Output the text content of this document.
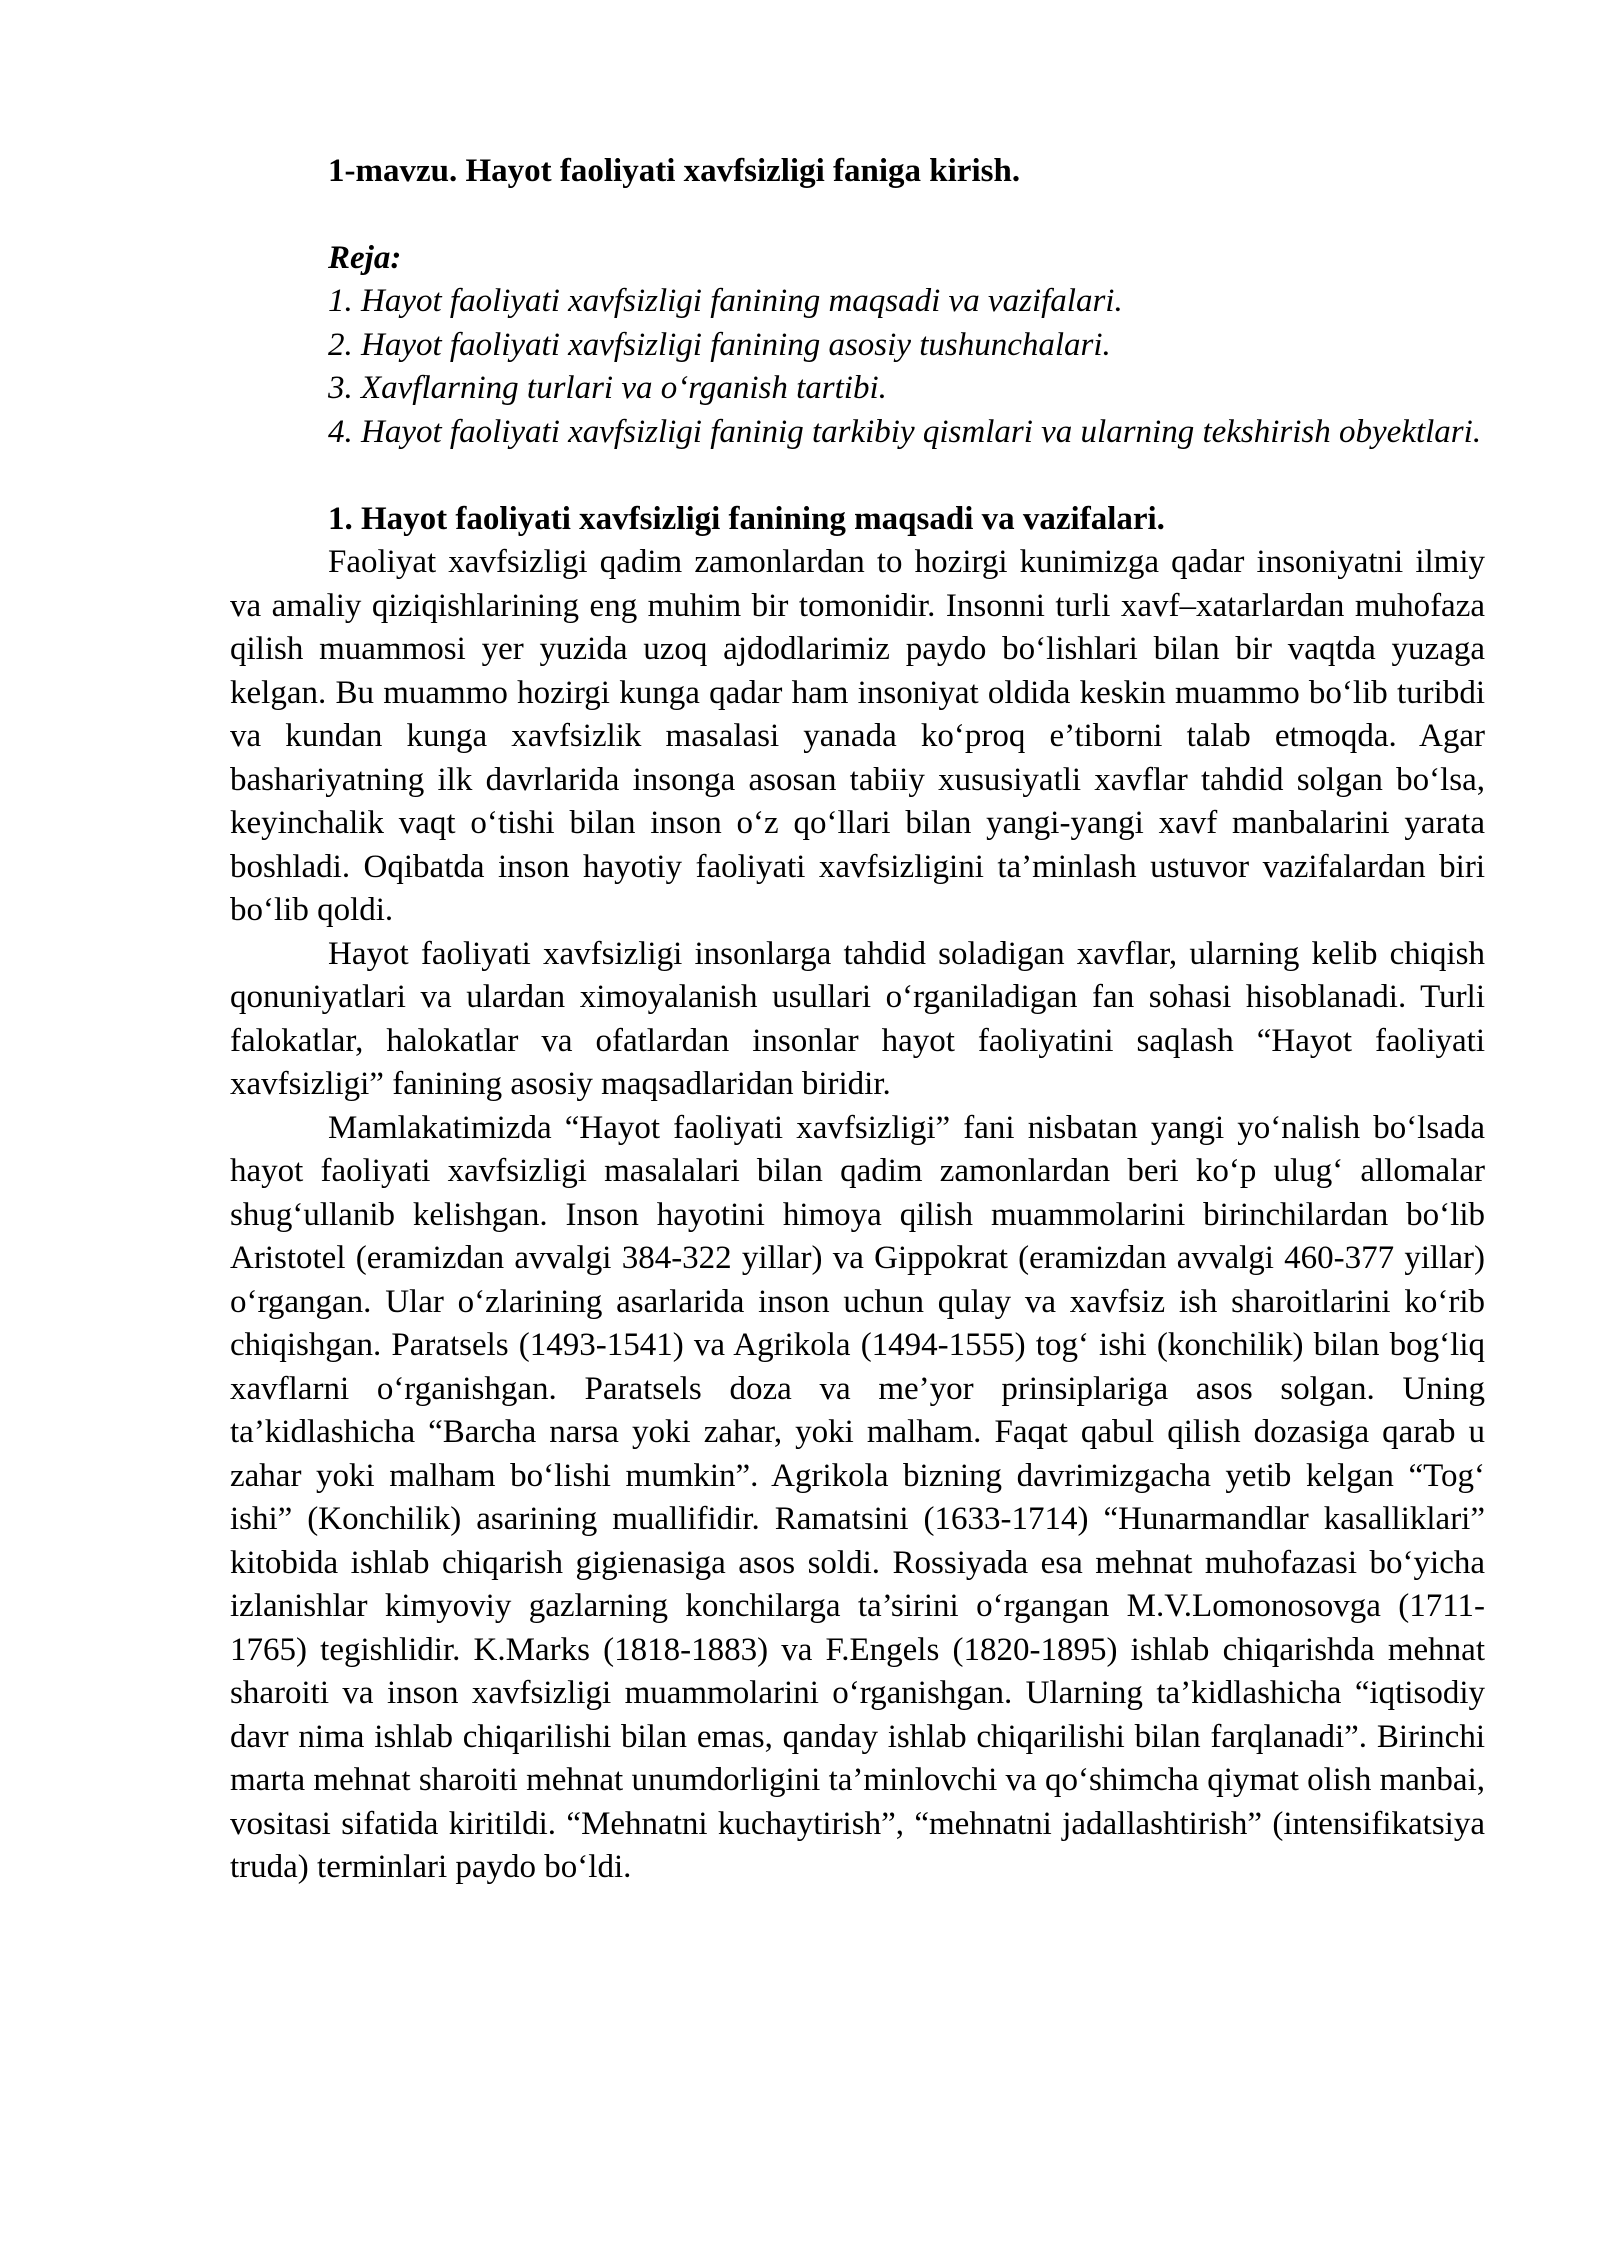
1-mavzu. Hayot faoliyati xavfsizligi faniga kirish.
Reja:
1. Hayot faoliyati xavfsizligi fanining maqsadi va vazifalari.
2. Hayot faoliyati xavfsizligi fanining asosiy tushunchalari.
3. Xavflarning turlari va o‘rganish tartibi.
4. Hayot faoliyati xavfsizligi faninig tarkibiy qismlari va ularning tekshirish obyektlari.
1. Hayot faoliyati xavfsizligi fanining maqsadi va vazifalari.

Faoliyat xavfsizligi qadim zamonlardan to hozirgi kunimizga qadar insoniyatni ilmiy va amaliy qiziqishlarining eng muhim bir tomonidir. Insonni turli xavf–xatarlardan muhofaza qilish muammosi yer yuzida uzoq ajdodlarimiz paydo bo‘lishlari bilan bir vaqtda yuzaga kelgan. Bu muammo hozirgi kunga qadar ham insoniyat oldida keskin muammo bo‘lib turibdi va kundan kunga xavfsizlik masalasi yanada ko‘proq e’tiborni talab etmoqda. Agar bashariyatning ilk davrlarida insonga asosan tabiiy xususiyatli xavflar tahdid solgan bo‘lsa, keyinchalik vaqt o‘tishi bilan inson o‘z qo‘llari bilan yangi-yangi xavf manbalarini yarata boshladi. Oqibatda inson hayotiy faoliyati xavfsizligini ta’minlash ustuvor vazifalardan biri bo‘lib qoldi.

Hayot faoliyati xavfsizligi insonlarga tahdid soladigan xavflar, ularning kelib chiqish qonuniyatlari va ulardan ximoyalanish usullari o‘rganiladigan fan sohasi hisoblanadi. Turli falokatlar, halokatlar va ofatlardan insonlar hayot faoliyatini saqlash “Hayot faoliyati xavfsizligi” fanining asosiy maqsadlaridan biridir.

Mamlakatimizda “Hayot faoliyati xavfsizligi” fani nisbatan yangi yo‘nalish bo‘lsada hayot faoliyati xavfsizligi masalalari bilan qadim zamonlardan beri ko‘p ulug‘ allomalar shug‘ullanib kelishgan. Inson hayotini himoya qilish muammolarini birinchilardan bo‘lib Aristotel (eramizdan avvalgi 384-322 yillar) va Gippokrat (eramizdan avvalgi 460-377 yillar) o‘rgangan. Ular o‘zlarining asarlarida inson uchun qulay va xavfsiz ish sharoitlarini ko‘rib chiqishgan. Paratsels (1493-1541) va Agrikola (1494-1555) tog‘ ishi (konchilik) bilan bog‘liq xavflarni o‘rganishgan. Paratsels doza va me’yor prinsiplariga asos solgan. Uning ta’kidlashicha “Barcha narsa yoki zahar, yoki malham. Faqat qabul qilish dozasiga qarab u zahar yoki malham bo‘lishi mumkin”. Agrikola bizning davrimizgacha yetib kelgan “Tog‘ ishi” (Konchilik) asarining muallifidir. Ramatsini (1633-1714) “Hunarmandlar kasalliklari” kitobida ishlab chiqarish gigienasiga asos soldi. Rossiyada esa mehnat muhofazasi bo‘yicha izlanishlar kimyoviy gazlarning konchilarga ta’sirini o‘rgangan M.V.Lomonosovga (1711-1765) tegishlidir. K.Marks (1818-1883) va F.Engels (1820-1895) ishlab chiqarishda mehnat sharoiti va inson xavfsizligi muammolarini o‘rganishgan. Ularning ta’kidlashicha “iqtisodiy davr nima ishlab chiqarilishi bilan emas, qanday ishlab chiqarilishi bilan farqlanadi”. Birinchi marta mehnat sharoiti mehnat unumdorligini ta’minlovchi va qo‘shimcha qiymat olish manbai, vositasi sifatida kiritildi. “Mehnatni kuchaytirish”, “mehnatni jadallashtirish” (intensifikatsiya truda) terminlari paydo bo‘ldi.
